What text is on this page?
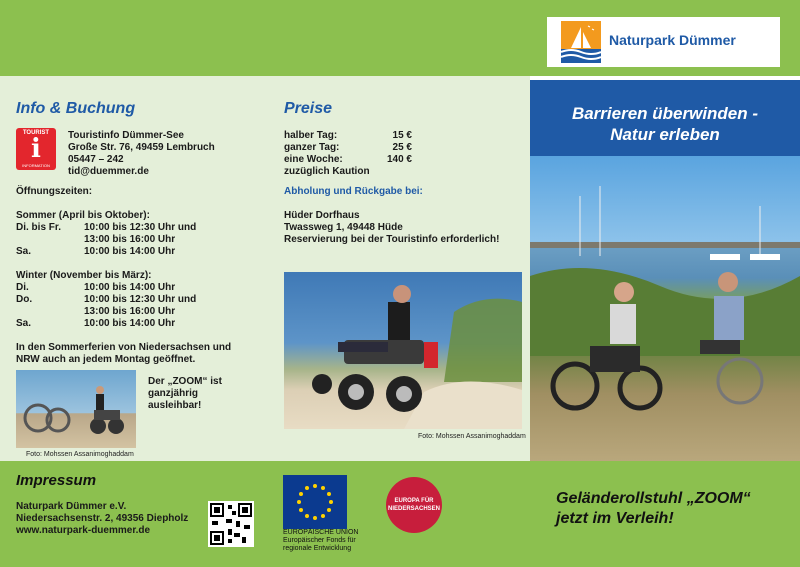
Naturpark Dümmer
Info & Buchung
TOURIST
i
INFORMATION
Touristinfo Dümmer-See
Große Str. 76, 49459 Lembruch
05447 – 242
tid@duemmer.de
Öffnungszeiten:
Sommer (April bis Oktober):
Di. bis Fr.	10:00 bis 12:30 Uhr und
13:00 bis 16:00 Uhr
Sa.	10:00 bis 14:00 Uhr
Winter (November bis März):
Di.	10:00 bis 14:00 Uhr
Do.	10:00 bis 12:30 Uhr und
13:00 bis 16:00 Uhr
Sa.	10:00 bis 14:00 Uhr
In den Sommerferien von Niedersachsen und
NRW auch an jedem Montag geöffnet.
Foto: Mohssen Assanimoghaddam
Der „ZOOM“ ist
ganzjährig
ausleihbar!
Preise
halber Tag:	15 €
ganzer Tag:	25 €
eine Woche:	140 €
zuzüglich Kaution
Abholung und Rückgabe bei:
Hüder Dorfhaus
Twassweg 1, 49448 Hüde
Reservierung bei der Touristinfo erforderlich!
Foto: Mohssen Assanimoghaddam
Barrieren überwinden -
Natur erleben
Impressum
Naturpark Dümmer e.V.
Niedersachsenstr. 2, 49356 Diepholz
www.naturpark-duemmer.de	EUROPÄISCHE UNION
Europäischer Fonds für
regionale Entwicklung
EUROPA FÜR
NIEDERSACHSEN
Geländerollstuhl „ZOOM“
jetzt im Verleih!
